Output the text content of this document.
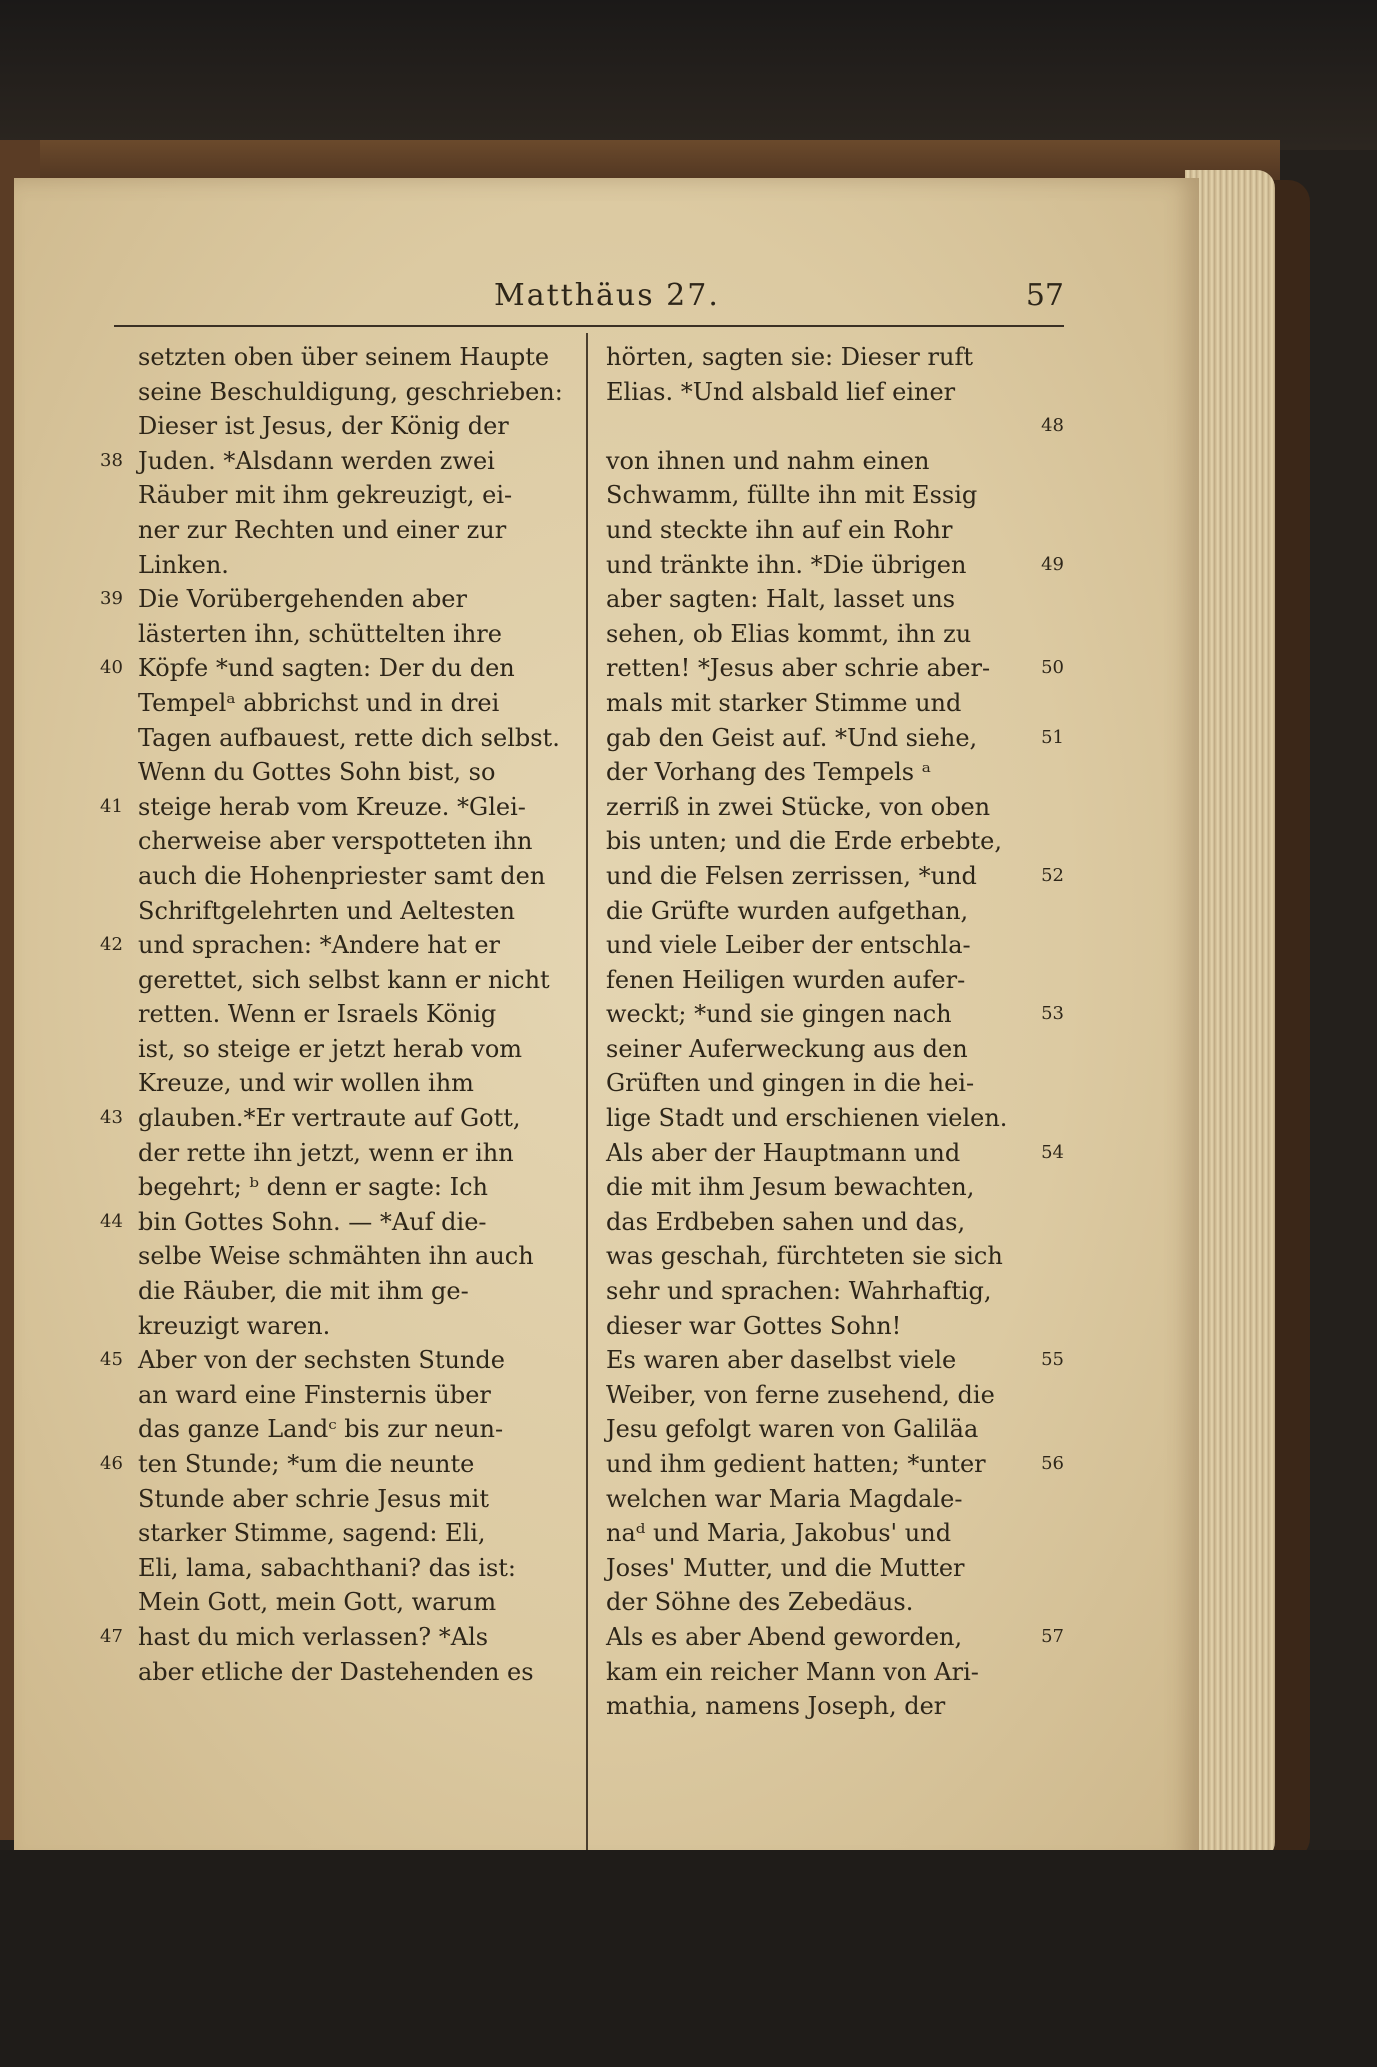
Matthäus 27.	57
setzten oben über seinem Haupte
seine Beschuldigung, geschrieben:
Dieser ist Jesus, der König der
38 Juden. *Alsdann werden zwei
Räuber mit ihm gekreuzigt, ei-
ner zur Rechten und einer zur
Linken.
39 Die Vorübergehenden aber
lästerten ihn, schüttelten ihre
40 Köpfe *und sagten: Der du den
Tempelᵃ abbrichst und in drei
Tagen aufbauest, rette dich selbst.
Wenn du Gottes Sohn bist, so
41 steige herab vom Kreuze. *Glei-
cherweise aber verspotteten ihn
auch die Hohenpriester samt den
Schriftgelehrten und Aeltesten
42 und sprachen: *Andere hat er
gerettet, sich selbst kann er nicht
retten. Wenn er Israels König
ist, so steige er jetzt herab vom
Kreuze, und wir wollen ihm
43 glauben.*Er vertraute auf Gott,
der rette ihn jetzt, wenn er ihn
begehrt; ᵇ denn er sagte: Ich
44 bin Gottes Sohn. — *Auf die-
selbe Weise schmähten ihn auch
die Räuber, die mit ihm ge-
kreuzigt waren.
45 Aber von der sechsten Stunde
an ward eine Finsternis über
das ganze Landᶜ bis zur neun-
46 ten Stunde; *um die neunte
Stunde aber schrie Jesus mit
starker Stimme, sagend: Eli,
Eli, lama, sabachthani? das ist:
Mein Gott, mein Gott, warum
47 hast du mich verlassen? *Als
aber etliche der Dastehenden es
hörten, sagten sie: Dieser ruft
Elias. *Und alsbald lief einer
48
von ihnen und nahm einen
Schwamm, füllte ihn mit Essig
und steckte ihn auf ein Rohr
49
und tränkte ihn. *Die übrigen
aber sagten: Halt, lasset uns
sehen, ob Elias kommt, ihn zu
50
retten! *Jesus aber schrie aber-
mals mit starker Stimme und
51
gab den Geist auf. *Und siehe,
der Vorhang des Tempels ᵃ
zerriß in zwei Stücke, von oben
bis unten; und die Erde erbebte,
52
und die Felsen zerrissen, *und
die Grüfte wurden aufgethan,
und viele Leiber der entschla-
fenen Heiligen wurden aufer-
53
weckt; *und sie gingen nach
seiner Auferweckung aus den
Grüften und gingen in die hei-
lige Stadt und erschienen vielen.
54
Als aber der Hauptmann und
die mit ihm Jesum bewachten,
das Erdbeben sahen und das,
was geschah, fürchteten sie sich
sehr und sprachen: Wahrhaftig,
dieser war Gottes Sohn!
55
Es waren aber daselbst viele
Weiber, von ferne zusehend, die
Jesu gefolgt waren von Galiläa
56
und ihm gedient hatten; *unter
welchen war Maria Magdale-
naᵈ und Maria, Jakobus' und
Joses' Mutter, und die Mutter
der Söhne des Zebedäus.
57
Als es aber Abend geworden,
kam ein reicher Mann von Ari-
mathia, namens Joseph, der
